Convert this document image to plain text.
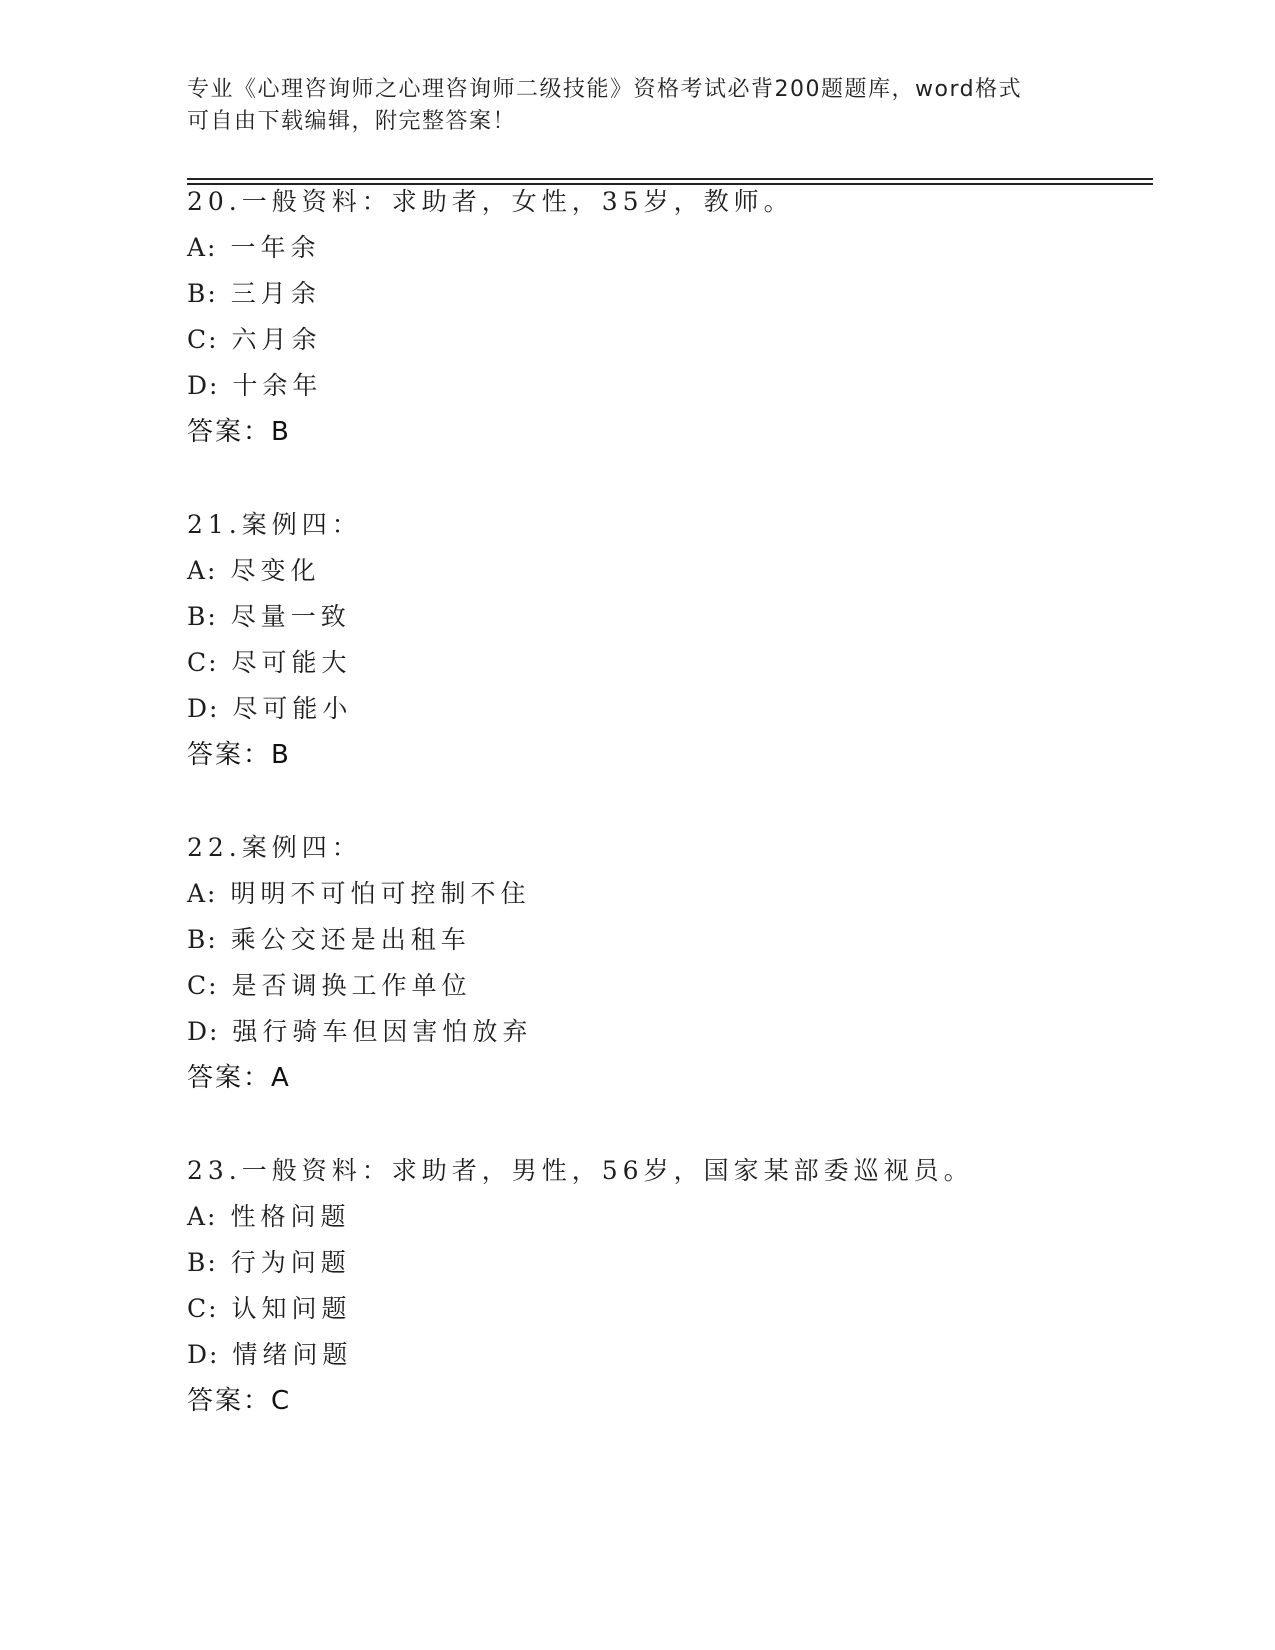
专业《心理咨询师之心理咨询师二级技能》资格考试必背200题题库，word格式
可自由下载编辑，附完整答案！
20.一般资料：求助者，女性，35岁，教师。
A: 一年余
B: 三月余
C: 六月余
D: 十余年
答案：B
21.案例四：
A: 尽变化
B: 尽量一致
C: 尽可能大
D: 尽可能小
答案：B
22.案例四：
A: 明明不可怕可控制不住
B: 乘公交还是出租车
C: 是否调换工作单位
D: 强行骑车但因害怕放弃
答案：A
23.一般资料：求助者，男性，56岁，国家某部委巡视员。
A: 性格问题
B: 行为问题
C: 认知问题
D: 情绪问题
答案：C
